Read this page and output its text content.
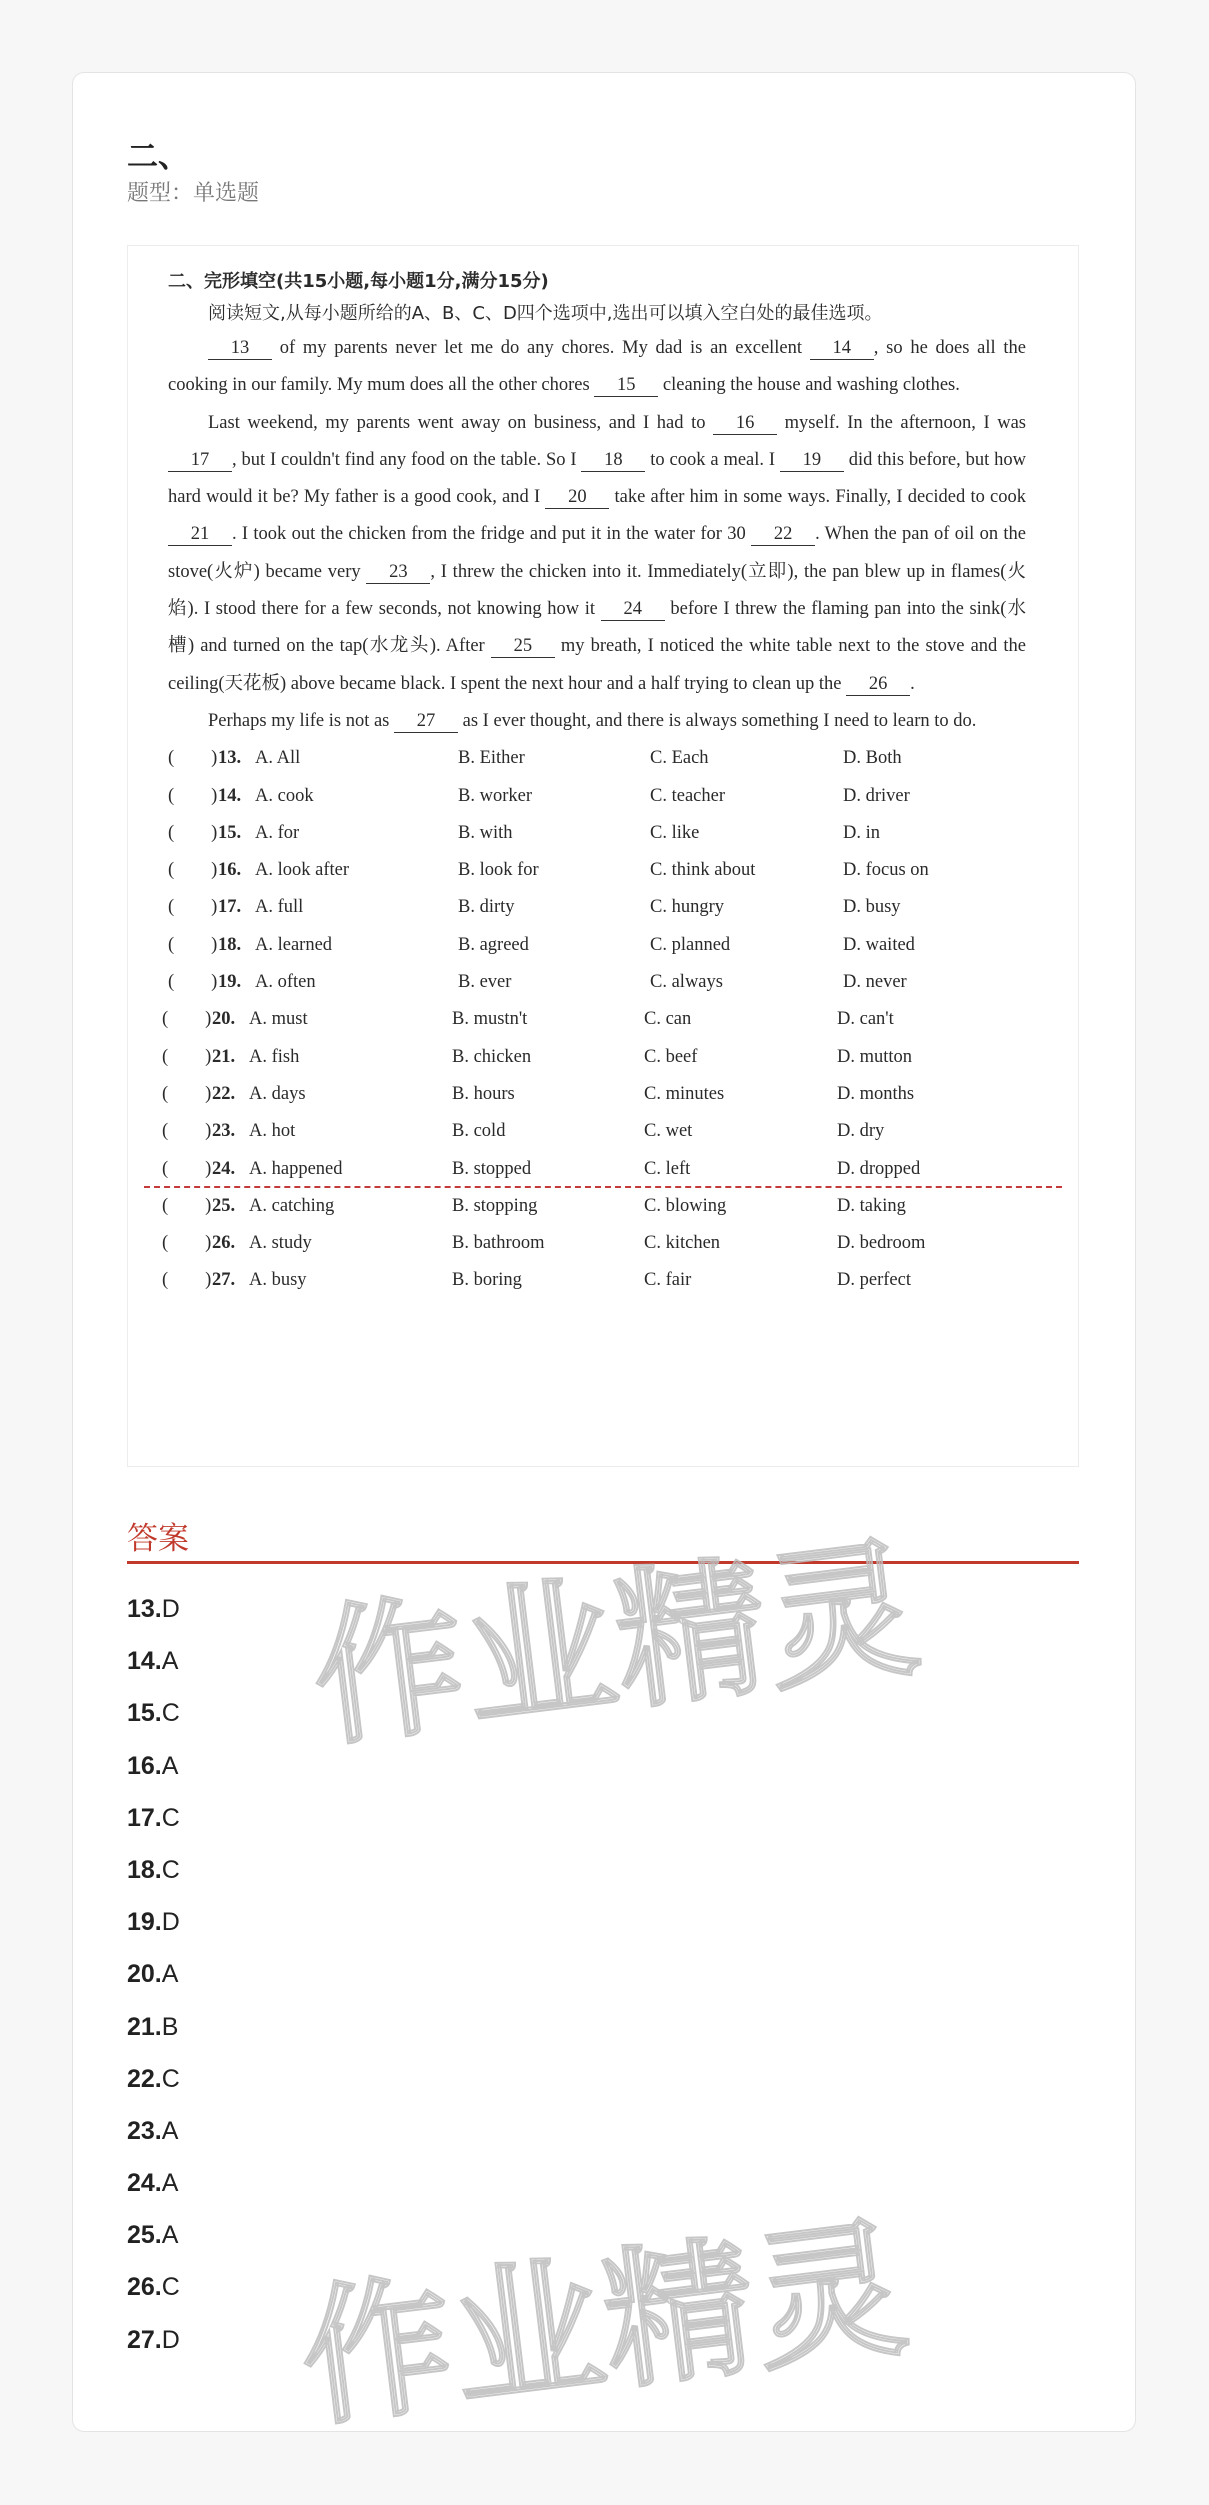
二、
题型：单选题
二、完形填空(共15小题,每小题1分,满分15分)
阅读短文,从每小题所给的A、B、C、D四个选项中,选出可以填入空白处的最佳选项。

13 of my parents never let me do any chores. My dad is an excellent 14 , so he does all the cooking in our family. My mum does all the other chores 15 cleaning the house and washing clothes.

Last weekend, my parents went away on business, and I had to 16 myself. In the afternoon, I was 17 , but I couldn't find any food on the table. So I 18 to cook a meal. I 19 did this before, but how hard would it be? My father is a good cook, and I 20 take after him in some ways. Finally, I decided to cook 21 . I took out the chicken from the fridge and put it in the water for 30 22 . When the pan of oil on the stove(火炉) became very 23 , I threw the chicken into it. Immediately(立即), the pan blew up in flames(火焰). I stood there for a few seconds, not knowing how it 24 before I threw the flaming pan into the sink(水槽) and turned on the tap(水龙头). After 25 my breath, I noticed the white table next to the stove and the ceiling(天花板) above became black. I spent the next hour and a half trying to clean up the 26 .

Perhaps my life is not as 27 as I ever thought, and there is always something I need to learn to do.

(　　) 13. A. All	B. Either	C. Each	D. Both
(　　) 14. A. cook	B. worker	C. teacher	D. driver
(　　) 15. A. for	B. with	C. like	D. in
(　　) 16. A. look after	B. look for	C. think about	D. focus on
(　　) 17. A. full	B. dirty	C. hungry	D. busy
(　　) 18. A. learned	B. agreed	C. planned	D. waited
(　　) 19. A. often	B. ever	C. always	D. never
(　　) 20. A. must	B. mustn't	C. can	D. can't
(　　) 21. A. fish	B. chicken	C. beef	D. mutton
(　　) 22. A. days	B. hours	C. minutes	D. months
(　　) 23. A. hot	B. cold	C. wet	D. dry
(　　) 24. A. happened	B. stopped	C. left	D. dropped
(　　) 25. A. catching	B. stopping	C. blowing	D. taking
(　　) 26. A. study	B. bathroom	C. kitchen	D. bedroom
(　　) 27. A. busy	B. boring	C. fair	D. perfect
答案
13.D
14.A
15.C
16.A
17.C
18.C
19.D
20.A
21.B
22.C
23.A
24.A
25.A
26.C
27.D
作业精灵
作业精灵
